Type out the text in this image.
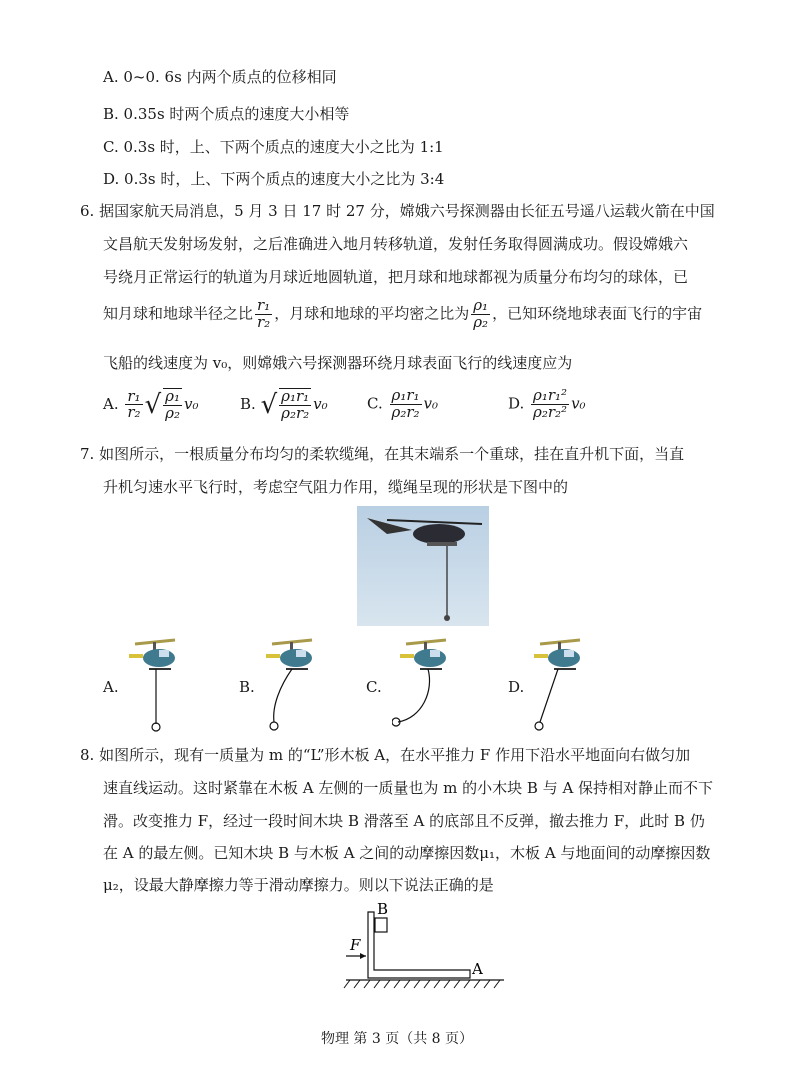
A. 0~0. 6s 内两个质点的位移相同
B. 0.35s 时两个质点的速度大小相等
C. 0.3s 时，上、下两个质点的速度大小之比为 1:1
D. 0.3s 时，上、下两个质点的速度大小之比为 3:4
6. 据国家航天局消息，5 月 3 日 17 时 27 分，嫦娥六号探测器由长征五号遥八运载火箭在中国
文昌航天发射场发射，之后准确进入地月转移轨道，发射任务取得圆满成功。假设嫦娥六
号绕月正常运行的轨道为月球近地圆轨道，把月球和地球都视为质量分布均匀的球体，已
知月球和地球半径之比 $\frac{\text{r₁}}{\text{r₂}}$ ，月球和地球的平均密之比为 $\frac{\text{ρ₁}}{\text{ρ₂}}$ ，已知环绕地球表面飞行的宇宙
飞船的线速度为 v₀，则嫦娥六号探测器环绕月球表面飞行的线速度应为
A. $\frac{\text{r₁}}{\text{r₂}}$ √ $\frac{\text{ρ₁}}{\text{ρ₂}} v_0$	B. √ $\frac{\text{ρ₁r₁}}{\text{ρ₂r₂}} v_0$	C. $\frac{\text{ρ₁r₁}}{\text{ρ₂r₂}} v_0$	D. $\frac{\text{ρ₁r₁²}}{\text{ρ₂r₂²}} v_0$
7. 如图所示，一根质量分布均匀的柔软缆绳，在其末端系一个重球，挂在直升机下面，当直
升机匀速水平飞行时，考虑空气阻力作用，缆绳呈现的形状是下图中的
A.	B.	C.	D.
8. 如图所示，现有一质量为 m 的“L”形木板 A，在水平推力 F 作用下沿水平地面向右做匀加
速直线运动。这时紧靠在木板 A 左侧的一质量也为 m 的小木块 B 与 A 保持相对静止而不下
滑。改变推力 F，经过一段时间木块 B 滑落至 A 的底部且不反弹，撤去推力 F，此时 B 仍
在 A 的最左侧。已知木块 B 与木板 A 之间的动摩擦因数μ₁，木板 A 与地面间的动摩擦因数
μ₂，设最大静摩擦力等于滑动摩擦力。则以下说法正确的是
B
F
A
物理 第 3 页（共 8 页）
